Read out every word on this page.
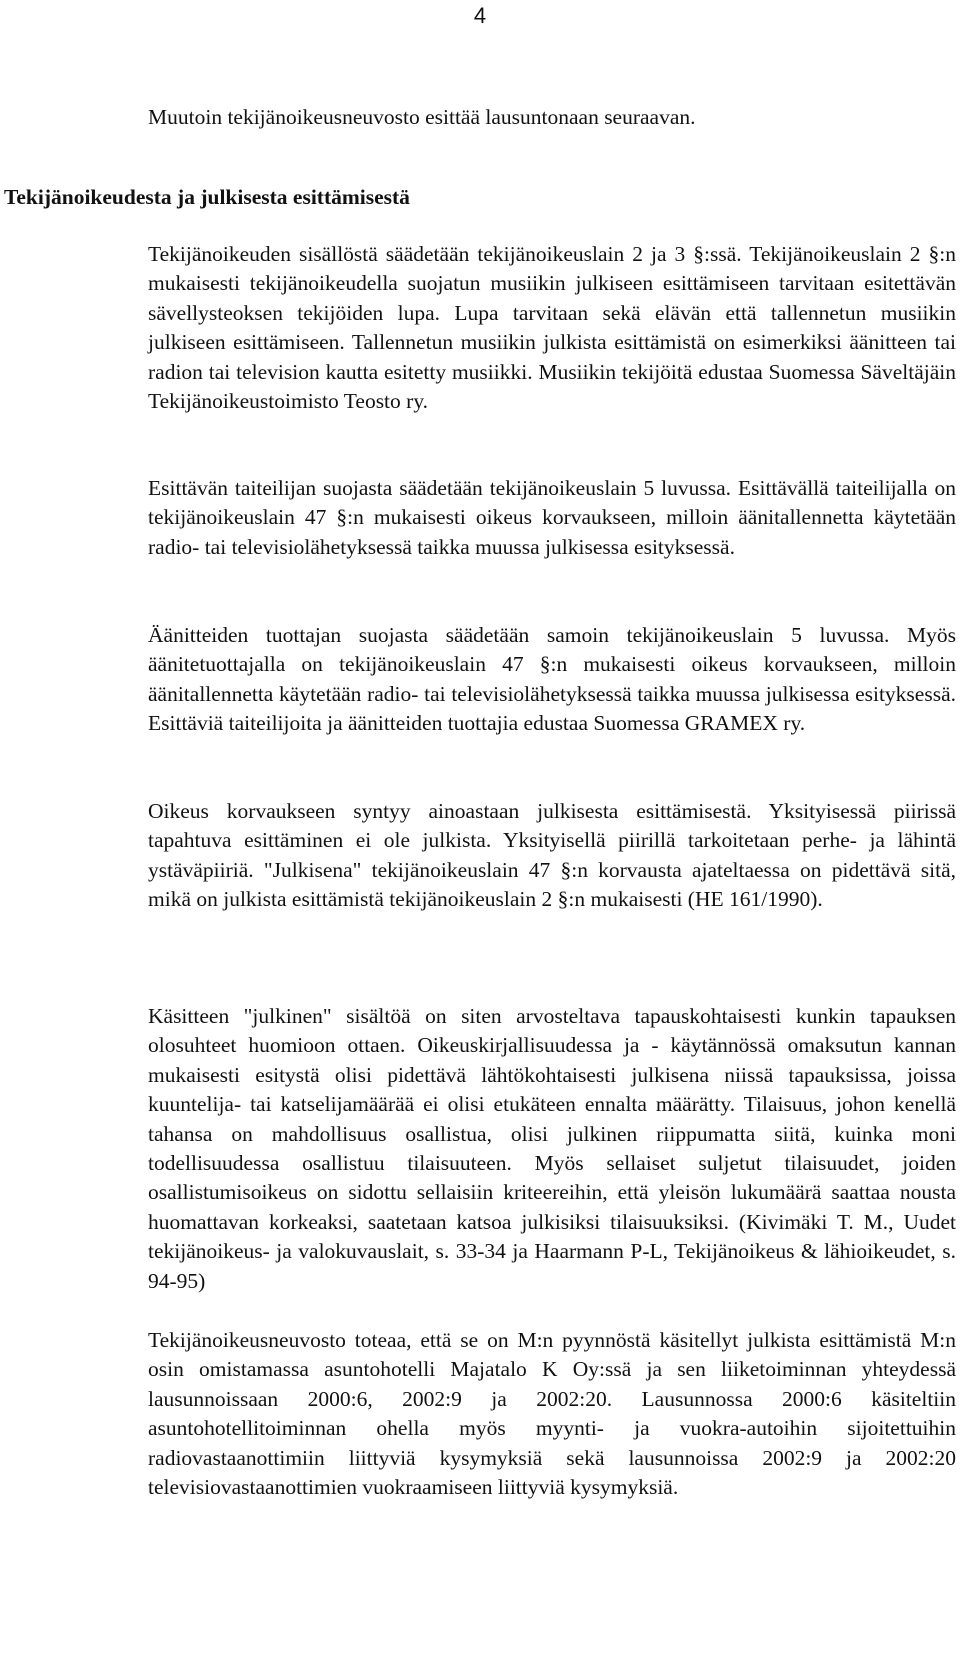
4

Muutoin tekijänoikeusneuvosto esittää lausuntonaan seuraavan.

Tekijänoikeudesta ja julkisesta esittämisestä

Tekijänoikeuden sisällöstä säädetään tekijänoikeuslain 2 ja 3 §:ssä. Tekijänoikeuslain 2 §:n mukaisesti tekijänoikeudella suojatun musiikin julkiseen esittämiseen tarvitaan esitettävän sävellysteoksen tekijöiden lupa. Lupa tarvitaan sekä elävän että tallennetun musiikin julkiseen esittämiseen. Tallennetun musiikin julkista esittämistä on esimerkiksi äänitteen tai radion tai television kautta esitetty musiikki. Musiikin tekijöitä edustaa Suomessa Säveltäjäin Tekijänoikeustoimisto Teosto ry.

Esittävän taiteilijan suojasta säädetään tekijänoikeuslain 5 luvussa. Esittävällä taiteilijalla on tekijänoikeuslain 47 §:n mukaisesti oikeus korvaukseen, milloin äänitallennetta käytetään radio- tai televisiolähetyksessä taikka muussa julkisessa esityksessä.

Äänitteiden tuottajan suojasta säädetään samoin tekijänoikeuslain 5 luvussa. Myös äänitetuottajalla on tekijänoikeuslain 47 §:n mukaisesti oikeus korvaukseen, milloin äänitallennetta käytetään radio- tai televisiolähetyksessä taikka muussa julkisessa esityksessä. Esittäviä taiteilijoita ja äänitteiden tuottajia edustaa Suomessa GRAMEX ry.

Oikeus korvaukseen syntyy ainoastaan julkisesta esittämisestä. Yksityisessä piirissä tapahtuva esittäminen ei ole julkista. Yksityisellä piirillä tarkoitetaan perhe- ja lähintä ystäväpiiriä. "Julkisena" tekijänoikeuslain 47 §:n korvausta ajateltaessa on pidettävä sitä, mikä on julkista esittämistä tekijänoikeuslain 2 §:n mukaisesti (HE 161/1990).

Käsitteen "julkinen" sisältöä on siten arvosteltava tapauskohtaisesti kunkin tapauksen olosuhteet huomioon ottaen. Oikeuskirjallisuudessa ja - käytännössä omaksutun kannan mukaisesti esitystä olisi pidettävä lähtökohtaisesti julkisena niissä tapauksissa, joissa kuuntelija- tai katselijamäärää ei olisi etukäteen ennalta määrätty. Tilaisuus, johon kenellä tahansa on mahdollisuus osallistua, olisi julkinen riippumatta siitä, kuinka moni todellisuudessa osallistuu tilaisuuteen. Myös sellaiset suljetut tilaisuudet, joiden osallistumisoikeus on sidottu sellaisiin kriteereihin, että yleisön lukumäärä saattaa nousta huomattavan korkeaksi, saatetaan katsoa julkisiksi tilaisuuksiksi. (Kivimäki T. M., Uudet tekijänoikeus- ja valokuvauslait, s. 33-34 ja Haarmann P-L, Tekijänoikeus & lähioikeudet, s. 94-95)

Tekijänoikeusneuvosto toteaa, että se on M:n pyynnöstä käsitellyt julkista esittämistä M:n osin omistamassa asuntohotelli Majatalo K Oy:ssä ja sen liiketoiminnan yhteydessä lausunnoissaan 2000:6, 2002:9 ja 2002:20. Lausunnossa 2000:6 käsiteltiin asuntohotellitoiminnan ohella myös myynti- ja vuokra-autoihin sijoitettuihin radiovastaanottimiin liittyviä kysymyksiä sekä lausunnoissa 2002:9 ja 2002:20 televisiovastaanottimien vuokraamiseen liittyviä kysymyksiä.
